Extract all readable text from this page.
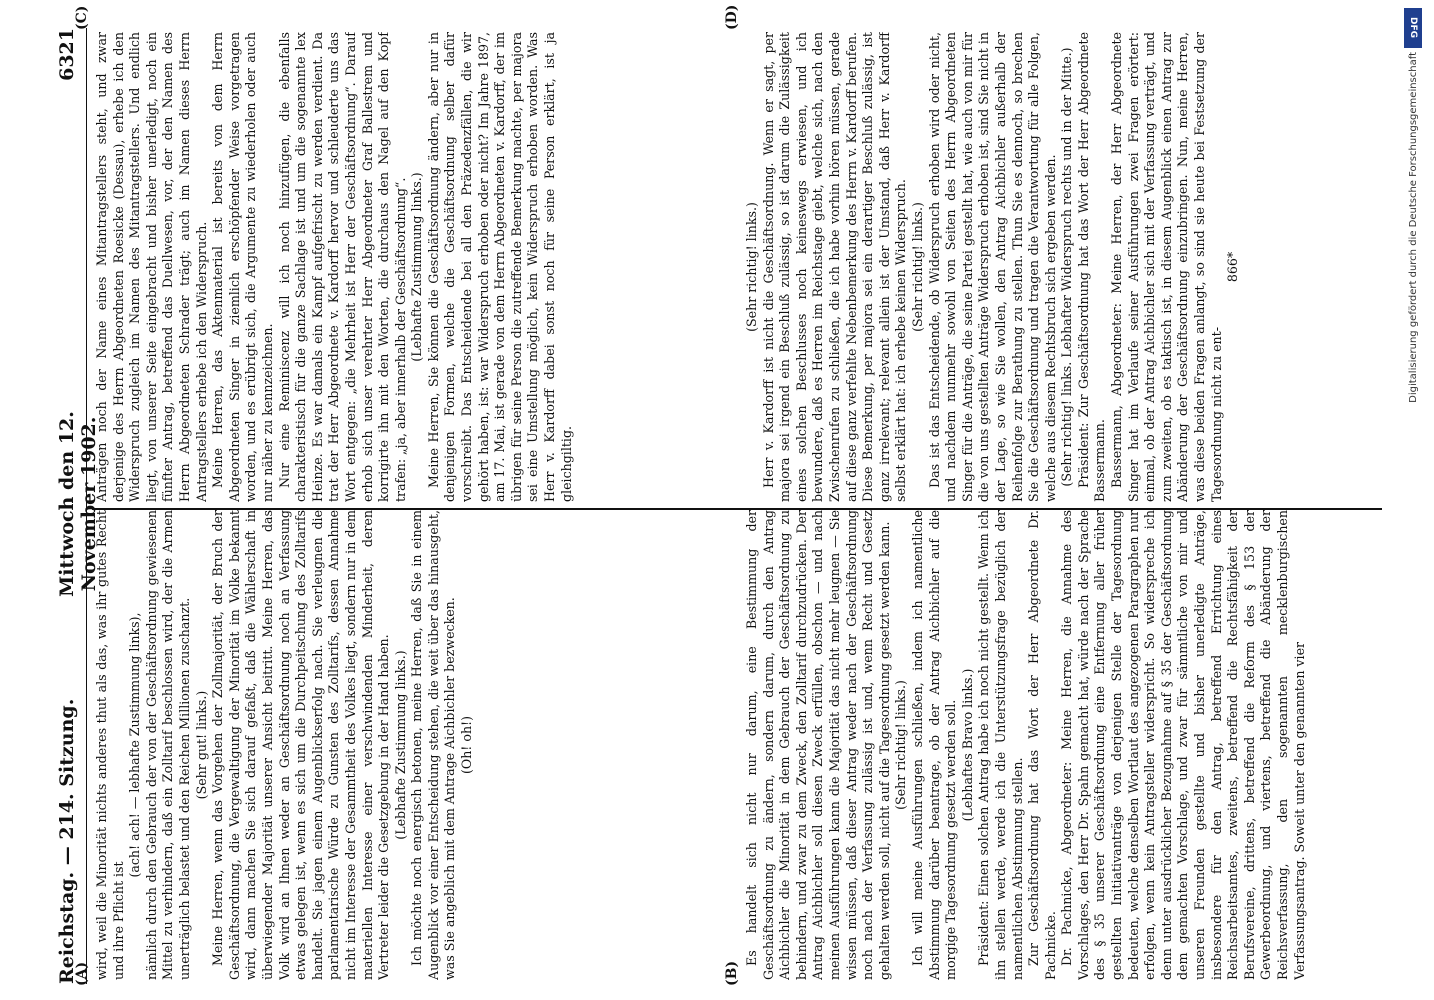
Reichstag. — 214. Sitzung.
Mittwoch den 12. November 1902.
6321
(A)	(B)

wird, weil die Minorität nichts anderes thut als das, was ihr gutes Recht und ihre Pflicht ist

(ach! ach! — lebhafte Zustimmung links), nämlich durch den Gebrauch der von der Geschäftsordnung gewiesenen Mittel zu verhindern, daß ein Zolltarif beschlossen wird, der die Armen unerträglich belastet und den Reichen Millionen zuschanzt. (Sehr gut! links.) Meine Herren, wenn das Vorgehen der Zollmajorität, der Bruch der Geschäftsordnung, die Vergewaltigung der Minorität im Volke bekannt wird, dann machen Sie sich darauf gefaßt, daß die Wählerschaft in überwiegender Majorität unserer Ansicht beitritt. Meine Herren, das Volk wird an Ihnen weder an Geschäftsordnung noch an Verfassung etwas gelegen ist, wenn es sich um die Durchpeitschung des Zolltarifs handelt. Sie jagen einem Augenblickserfolg nach. Sie verleugnen die parlamentarische Würde zu Gunsten des Zolltarifs, dessen Annahme nicht im Interesse der Gesammtheit des Volkes liegt, sondern nur in dem materiellen Interesse einer verschwindenden Minderheit, deren Vertreter leider die Gesetzgebung in der Hand haben. (Lebhafte Zustimmung links.) Ich möchte noch energisch betonen, meine Herren, daß Sie in einem Augenblick vor einer Entscheidung stehen, die weit über das hinausgeht, was Sie angeblich mit dem Antrage Aichbichler bezwecken. (Oh! oh!)	Es handelt sich nicht nur darum, eine Bestimmung der Geschäftsordnung zu ändern, sondern darum, durch den Antrag Aichbichler die Minorität in dem Gebrauch der Geschäftsordnung zu behindern, und zwar zu dem Zweck, den Zolltarif durchzudrücken. Der Antrag Aichbichler soll diesen Zweck erfüllen, obschon — und nach meinen Ausführungen kann die Majorität das nicht mehr leugnen — Sie wissen müssen, daß dieser Antrag weder nach der Geschäftsordnung noch nach der Verfassung zulässig ist und, wenn Recht und Gesetz gehalten werden soll, nicht auf die Tagesordnung gesetzt werden kann. (Sehr richtig! links.) Ich will meine Ausführungen schließen, indem ich namentliche Abstimmung darüber beantrage, ob der Antrag Aichbichler auf die morgige Tagesordnung gesetzt werden soll. (Lebhaftes Bravo links.) Präsident: Einen solchen Antrag habe ich noch nicht gestellt. Wenn ich ihn stellen werde, werde ich die Unterstützungsfrage bezüglich der namentlichen Abstimmung stellen. Zur Geschäftsordnung hat das Wort der Herr Abgeordnete Dr. Pachnicke. Dr. Pachnicke, Abgeordneter: Meine Herren, die Annahme des Vorschlages, den Herr Dr. Spahn gemacht hat, würde nach der Sprache des § 35 unserer Geschäftsordnung eine Entfernung aller früher gestellten Initiativanträge von derjenigen Stelle der Tagesordnung bedeuten, welche denselben Wortlaut des angezogenen Paragraphen nur erfolgen, wenn kein Antragsteller widerspricht. So widerspreche ich denn unter ausdrücklicher Bezugnahme auf § 35 der Geschäftsordnung dem gemachten Vorschlage, und zwar für sämmtliche von mir und unseren Freunden gestellte und bisher unerledigte Anträge, insbesondere für den Antrag, betreffend Errichtung eines Reichsarbeitsamtes, zweitens, betreffend die Rechtsfähigkeit der Berufsvereine, drittens, betreffend die Reform des § 153 der Gewerbeordnung, und viertens, betreffend die Abänderung der Reichsverfassung, den sogenannten mecklenburgischen Verfassungsantrag. Soweit unter den genannten vier

(C)	(D)

Anträgen noch der Name eines Mitantragstellers steht, und zwar derjenige des Herrn Abgeordneten Roesicke (Dessau), erhebe ich den Widerspruch zugleich im Namen des Mitantragstellers. Und endlich liegt, von unserer Seite eingebracht und bisher unerledigt, noch ein fünfter Antrag, betreffend das Duellwesen, vor, der den Namen des Herrn Abgeordneten Schrader trägt; auch im Namen dieses Herrn Antragstellers erhebe ich den Widerspruch. Meine Herren, das Aktenmaterial ist bereits von dem Herrn Abgeordneten Singer in ziemlich erschöpfender Weise vorgetragen worden, und es erübrigt sich, die Argumente zu wiederholen oder auch nur näher zu kennzeichnen. Nur eine Reminiscenz will ich noch hinzufügen, die ebenfalls charakteristisch für die ganze Sachlage ist und um die sogenannte lex Heinze. Es war damals ein Kampf aufgefrischt zu werden verdient. Da trat der Herr Abgeordnete v. Kardorff hervor und schleuderte uns das Wort entgegen: „die Mehrheit ist Herr der Geschäftsordnung“. Darauf erhob sich unser verehrter Herr Abgeordneter Graf Ballestrem und korrigirte ihn mit den Worten, die durchaus den Nagel auf den Kopf trafen: „ja, aber innerhalb der Geschäftsordnung“. (Lebhafte Zustimmung links.) Meine Herren, Sie können die Geschäftsordnung ändern, aber nur in denjenigen Formen, welche die Geschäftsordnung selber dafür vorschreibt. Das Entscheidende bei all den Präzedenzfällen, die wir gehört haben, ist: war Widerspruch erhoben oder nicht? Im Jahre 1897, am 17. Mai, ist gerade von dem Herrn Abgeordneten v. Kardorff, der im übrigen für seine Person die zutreffende Bemerkung machte, per majora sei eine Umstellung möglich, kein Widerspruch erhoben worden. Was Herr v. Kardorff dabei sonst noch für seine Person erklärt, ist ja gleichgiltig.

(Sehr richtig! links.) Herr v. Kardorff ist nicht die Geschäftsordnung. Wenn er sagt, per majora sei irgend ein Beschluß zulässig, so ist darum die Zulässigkeit eines solchen Beschlusses noch keineswegs erwiesen, und ich bewundere, daß es Herren im Reichstage giebt, welche sich, nach den Zwischenrufen zu schließen, die ich habe vorhin hören müssen, gerade auf diese ganz verfehlte Nebenbemerkung des Herrn v. Kardorff berufen. Diese Bemerkung, per majora sei ein derartiger Beschluß zulässig, ist ganz irrelevant; relevant allein ist der Umstand, daß Herr v. Kardorff selbst erklärt hat: ich erhebe keinen Widerspruch. (Sehr richtig! links.) Das ist das Entscheidende, ob Widerspruch erhoben wird oder nicht, und nachdem nunmehr sowohl von Seiten des Herrn Abgeordneten Singer für die Anträge, die seine Partei gestellt hat, wie auch von mir für die von uns gestellten Anträge Widerspruch erhoben ist, sind Sie nicht in der Lage, so wie Sie wollen, den Antrag Aichbichler außerhalb der Reihenfolge zur Berathung zu stellen. Thun Sie es dennoch, so brechen Sie die Geschäftsordnung und tragen die Verantwortung für alle Folgen, welche aus diesem Rechtsbruch sich ergeben werden. (Sehr richtig! links. Lebhafter Widerspruch rechts und in der Mitte.) Präsident: Zur Geschäftsordnung hat das Wort der Herr Abgeordnete Bassermann. Bassermann, Abgeordneter: Meine Herren, der Herr Abgeordnete Singer hat im Verlaufe seiner Ausführungen zwei Fragen erörtert: einmal, ob der Antrag Aichbichler sich mit der Verfassung verträgt, und zum zweiten, ob es taktisch ist, in diesem Augenblick einen Antrag zur Abänderung der Geschäftsordnung einzubringen. Nun, meine Herren, was diese beiden Fragen anlangt, so sind sie heute bei Festsetzung der Tagesordnung nicht zu ent-

866*

DFG
Digitalisierung gefördert durch die Deutsche Forschungsgemeinschaft
